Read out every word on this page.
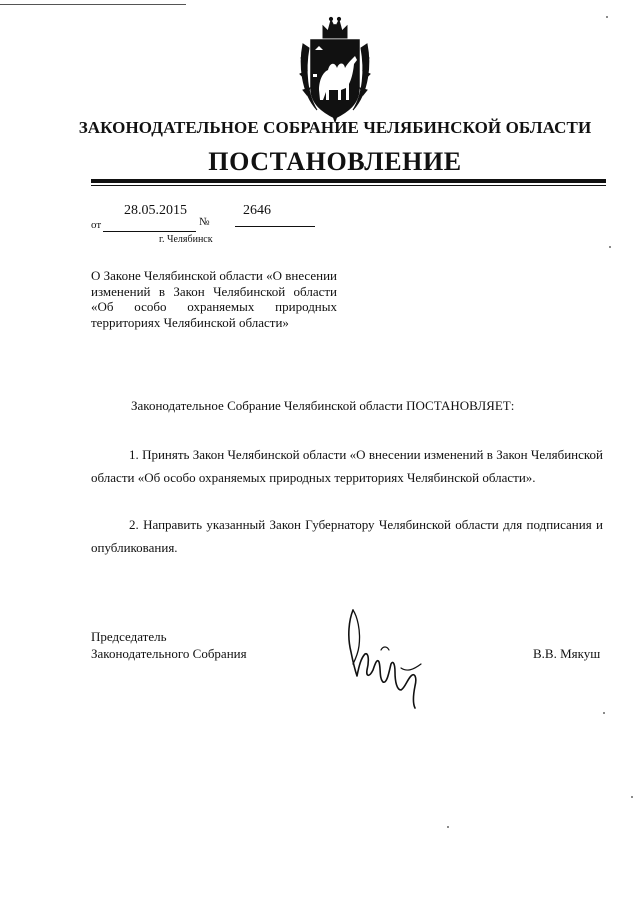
ЗАКОНОДАТЕЛЬНОЕ СОБРАНИЕ ЧЕЛЯБИНСКОЙ ОБЛАСТИ
ПОСТАНОВЛЕНИЕ
от
28.05.2015
№
2646
г. Челябинск

О Законе Челябинской области «О внесении изменений в Закон Челябинской области «Об особо охраняемых природных территориях Челябинской области»

Законодательное Собрание Челябинской области ПОСТАНОВЛЯЕТ:

1. Принять Закон Челябинской области «О внесении изменений в Закон Челябинской области «Об особо охраняемых природных территориях Челябинской области».

2. Направить указанный Закон Губернатору Челябинской области для подписания и опубликования.

Председатель
Законодательного Собрания	В.В. Мякуш
